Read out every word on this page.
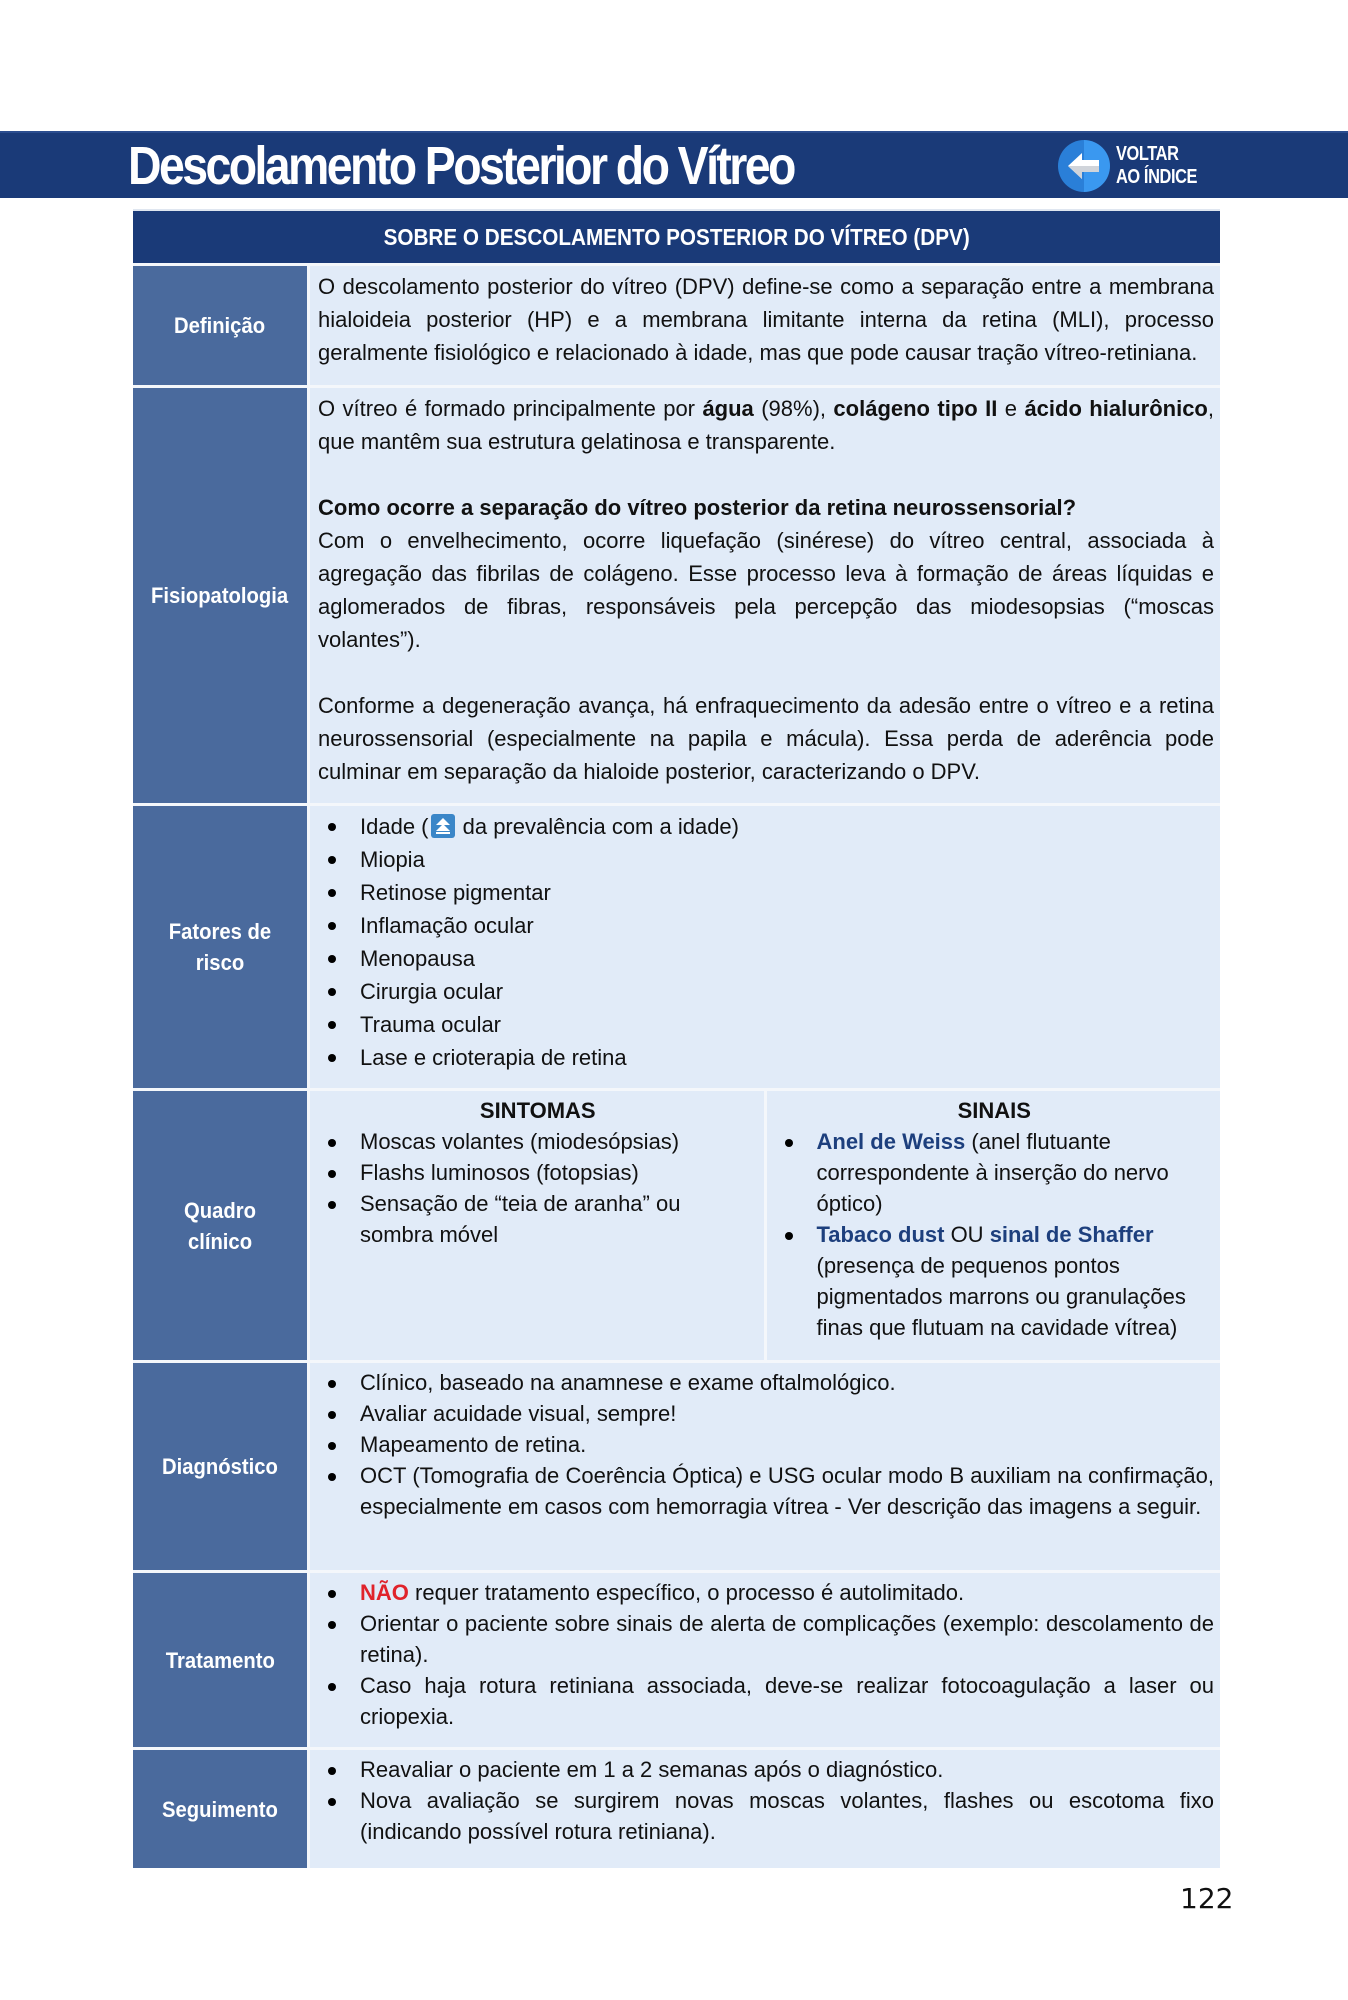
Descolamento Posterior do Vítreo	VOLTAR
AO ÍNDICE
SOBRE O DESCOLAMENTO POSTERIOR DO VÍTREO (DPV)
Definição

O descolamento posterior do vítreo (DPV) define-se como a separação entre a membrana hialoideia posterior (HP) e a membrana limitante interna da retina (MLI), processo geralmente fisiológico e relacionado à idade, mas que pode causar tração vítreo-retiniana.

Fisiopatologia

O vítreo é formado principalmente por água (98%), colágeno tipo II e ácido hialurônico, que mantêm sua estrutura gelatinosa e transparente.

Como ocorre a separação do vítreo posterior da retina neurossensorial?

Com o envelhecimento, ocorre liquefação (sinérese) do vítreo central, associada à agregação das fibrilas de colágeno. Esse processo leva à formação de áreas líquidas e aglomerados de fibras, responsáveis pela percepção das miodesopsias (“moscas volantes”).

Conforme a degeneração avança, há enfraquecimento da adesão entre o vítreo e a retina neurossensorial (especialmente na papila e mácula). Essa perda de aderência pode culminar em separação da hialoide posterior, caracterizando o DPV.

Fatores de risco
Idade ( da prevalência com a idade)
Miopia
Retinose pigmentar
Inflamação ocular
Menopausa
Cirurgia ocular
Trauma ocular
Lase e crioterapia de retina
Quadro clínico
SINTOMAS
Moscas volantes (miodesópsias)
Flashs luminosos (fotopsias)
Sensação de “teia de aranha” ou sombra móvel
SINAIS
Anel de Weiss (anel flutuante correspondente à inserção do nervo óptico)
Tabaco dust OU sinal de Shaffer (presença de pequenos pontos pigmentados marrons ou granulações finas que flutuam na cavidade vítrea)
Diagnóstico
Clínico, baseado na anamnese e exame oftalmológico.
Avaliar acuidade visual, sempre!
Mapeamento de retina.
OCT (Tomografia de Coerência Óptica) e USG ocular modo B auxiliam na confirmação, especialmente em casos com hemorragia vítrea - Ver descrição das imagens a seguir.
Tratamento
NÃO requer tratamento específico, o processo é autolimitado.
Orientar o paciente sobre sinais de alerta de complicações (exemplo: descolamento de retina).
Caso haja rotura retiniana associada, deve-se realizar fotocoagulação a laser ou criopexia.
Seguimento
Reavaliar o paciente em 1 a 2 semanas após o diagnóstico.
Nova avaliação se surgirem novas moscas volantes, flashes ou escotoma fixo (indicando possível rotura retiniana).
122
